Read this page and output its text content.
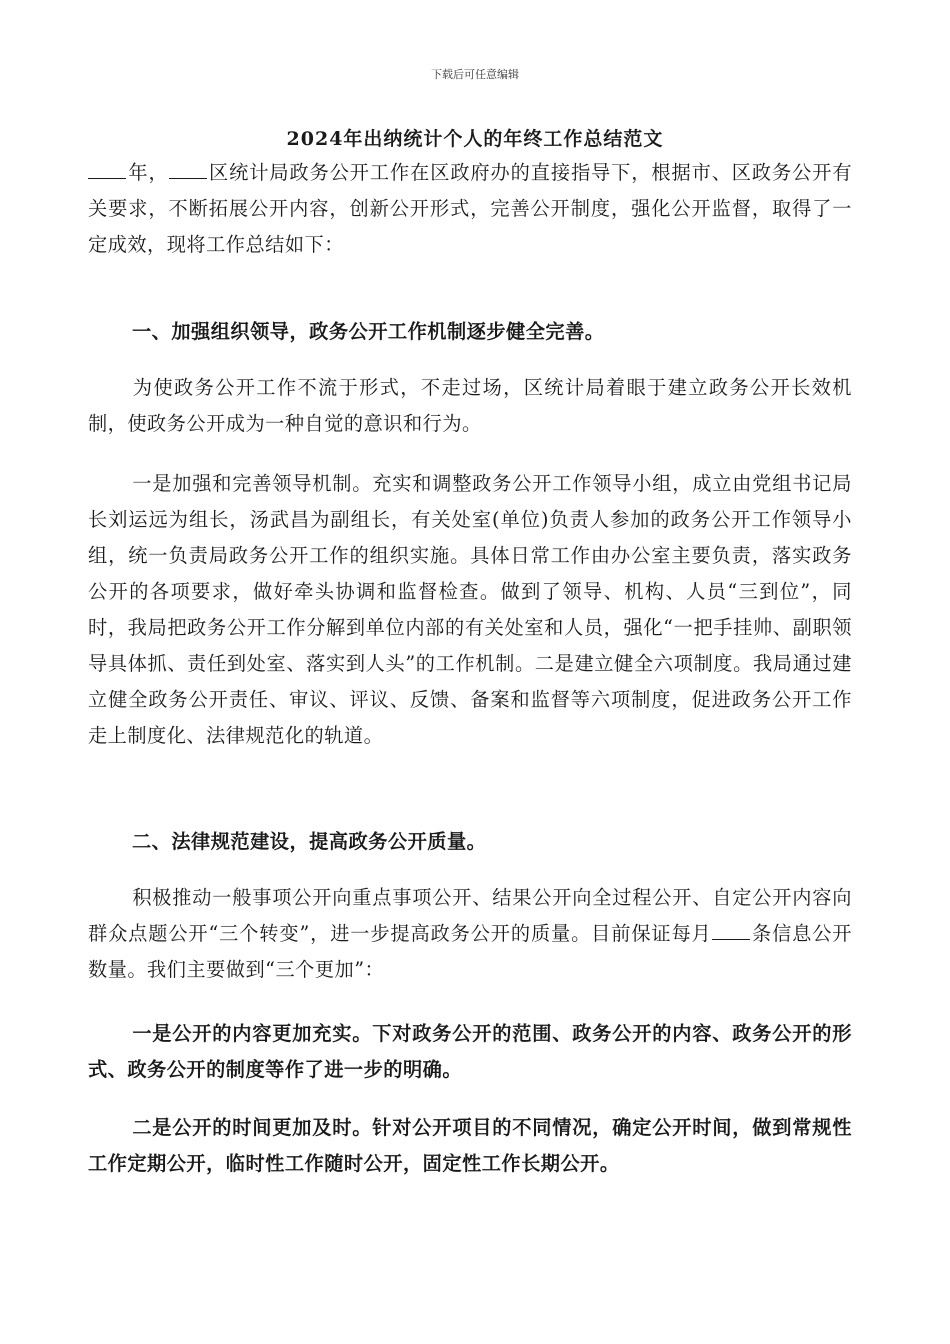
下载后可任意编辑
2024年出纳统计个人的年终工作总结范文
年， 区统计局政务公开工作在区政府办的直接指导下，根据市、区政务公开有关要求，不断拓展公开内容，创新公开形式，完善公开制度，强化公开监督，取得了一定成效，现将工作总结如下：
一、加强组织领导，政务公开工作机制逐步健全完善。
为使政务公开工作不流于形式，不走过场，区统计局着眼于建立政务公开长效机制，使政务公开成为一种自觉的意识和行为。
一是加强和完善领导机制。充实和调整政务公开工作领导小组，成立由党组书记局长刘运远为组长，汤武昌为副组长，有关处室(单位)负责人参加的政务公开工作领导小组，统一负责局政务公开工作的组织实施。具体日常工作由办公室主要负责，落实政务公开的各项要求，做好牵头协调和监督检查。做到了领导、机构、人员“三到位”，同时，我局把政务公开工作分解到单位内部的有关处室和人员，强化“一把手挂帅、副职领导具体抓、责任到处室、落实到人头”的工作机制。二是建立健全六项制度。我局通过建立健全政务公开责任、审议、评议、反馈、备案和监督等六项制度，促进政务公开工作走上制度化、法律规范化的轨道。
二、法律规范建设，提高政务公开质量。
积极推动一般事项公开向重点事项公开、结果公开向全过程公开、自定公开内容向群众点题公开“三个转变”，进一步提高政务公开的质量。目前保证每月 条信息公开数量。我们主要做到“三个更加”：
一是公开的内容更加充实。下对政务公开的范围、政务公开的内容、政务公开的形式、政务公开的制度等作了进一步的明确。
二是公开的时间更加及时。针对公开项目的不同情况，确定公开时间，做到常规性工作定期公开，临时性工作随时公开，固定性工作长期公开。
